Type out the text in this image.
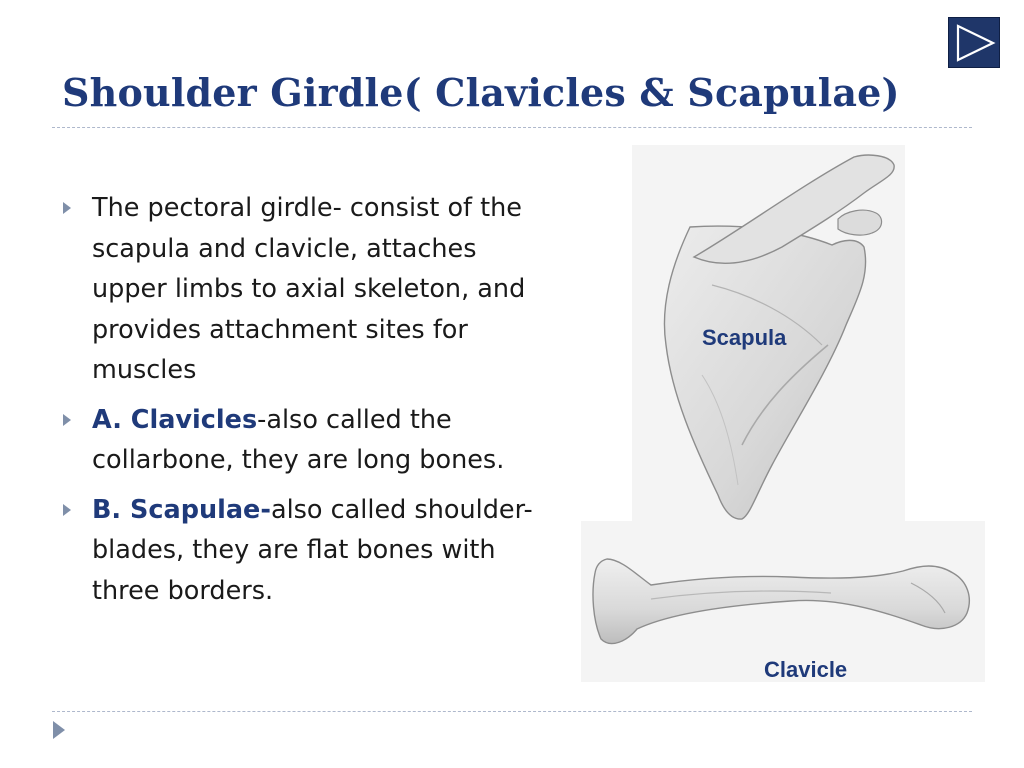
Shoulder Girdle( Clavicles & Scapulae)
The pectoral girdle- consist of the scapula and clavicle, attaches upper limbs to axial skeleton, and provides attachment sites for muscles
A. Clavicles-also called the collarbone, they are long bones.
B. Scapulae-also called shoulder-blades, they are flat bones with three borders.
Scapula
Clavicle
